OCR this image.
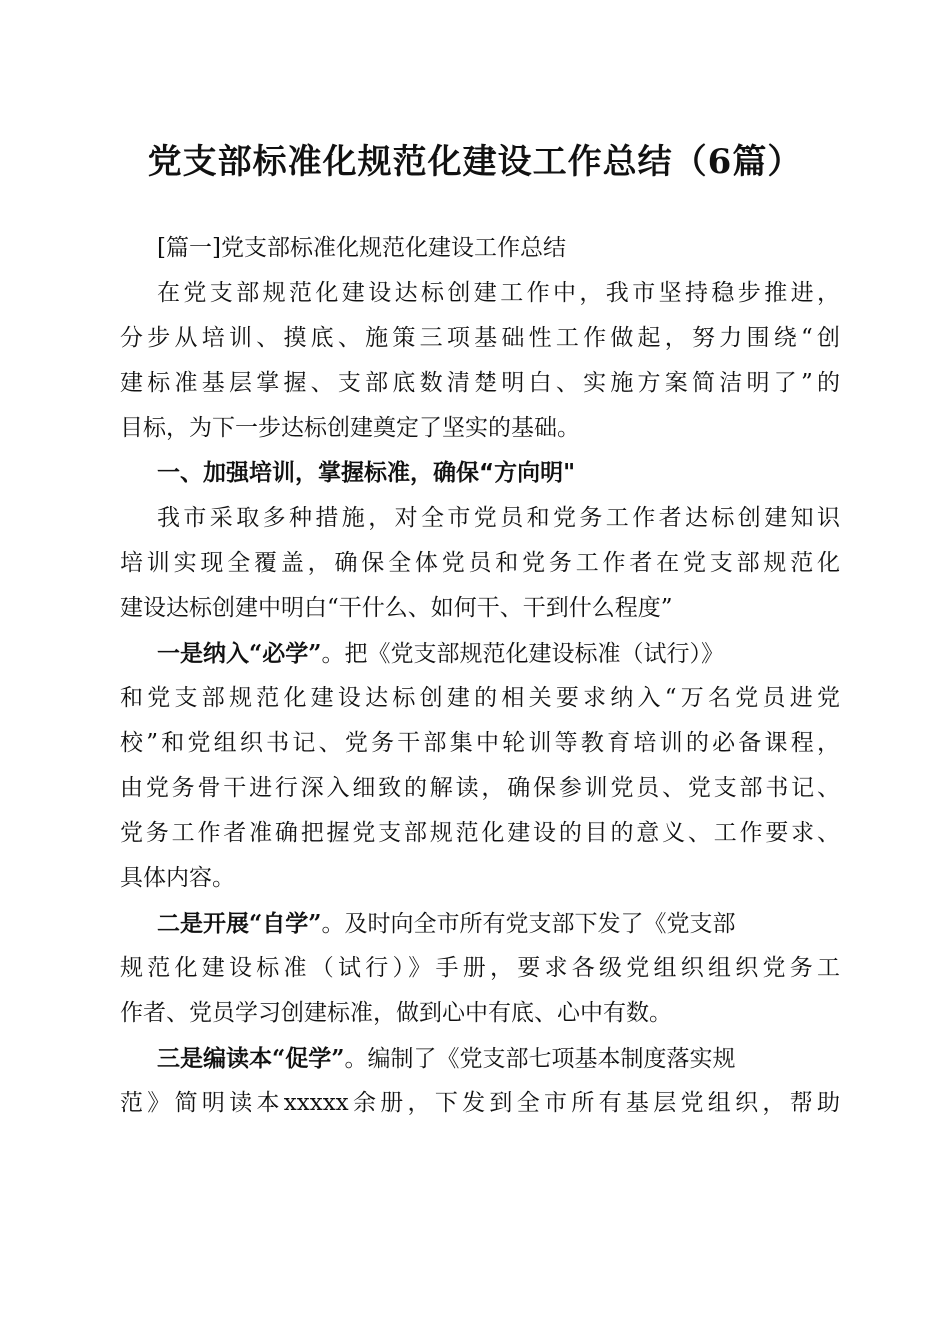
党支部标准化规范化建设工作总结（6篇）
[篇一]党支部标准化规范化建设工作总结
在党支部规范化建设达标创建工作中，我市坚持稳步推进，
分步从培训、摸底、施策三项基础性工作做起，努力围绕“创
建标准基层掌握、支部底数清楚明白、实施方案简洁明了”的
目标，为下一步达标创建奠定了坚实的基础。
一、加强培训，掌握标准，确保“方向明"
我市采取多种措施，对全市党员和党务工作者达标创建知识
培训实现全覆盖，确保全体党员和党务工作者在党支部规范化
建设达标创建中明白“干什么、如何干、干到什么程度”
一是纳入“必学”。把《党支部规范化建设标准（试行）》
和党支部规范化建设达标创建的相关要求纳入“万名党员进党
校”和党组织书记、党务干部集中轮训等教育培训的必备课程，
由党务骨干进行深入细致的解读，确保参训党员、党支部书记、
党务工作者准确把握党支部规范化建设的目的意义、工作要求、
具体内容。
二是开展“自学”。及时向全市所有党支部下发了《党支部
规范化建设标准（试行）》手册，要求各级党组织组织党务工
作者、党员学习创建标准，做到心中有底、心中有数。
三是编读本“促学”。编制了《党支部七项基本制度落实规
范》简明读本xxxxx余册，下发到全市所有基层党组织，帮助
